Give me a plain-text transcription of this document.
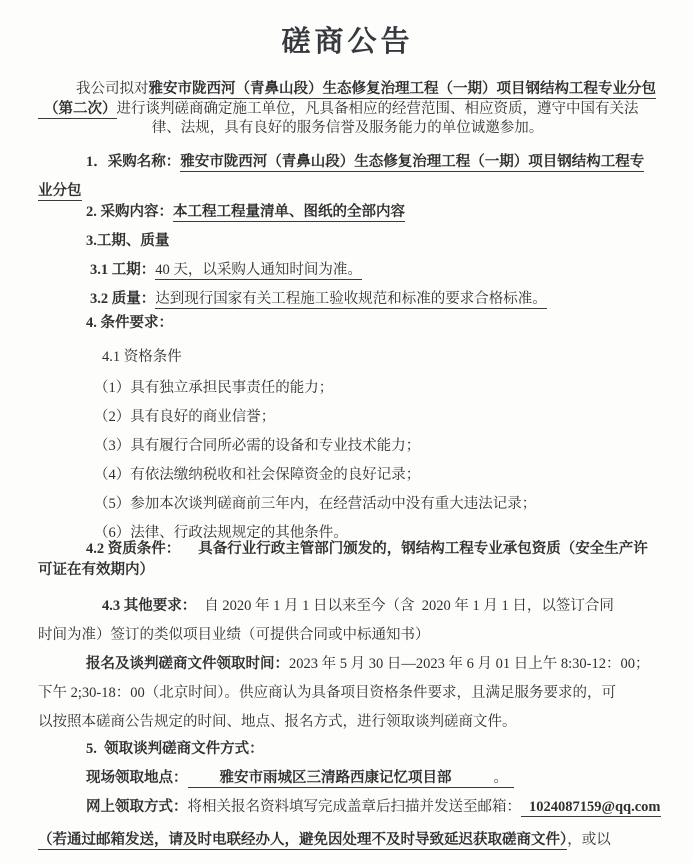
磋商公告

我公司拟对雅安市陇西河（青鼻山段）生态修复治理工程（一期）项目钢结构工程专业分包

（第二次）进行谈判磋商确定施工单位，凡具备相应的经营范围、相应资质，遵守中国有关法

律、法规，具有良好的服务信誉及服务能力的单位诚邀参加。

1．采购名称：雅安市陇西河（青鼻山段）生态修复治理工程（一期）项目钢结构工程专

业分包

2. 采购内容：本工程工程量清单、图纸的全部内容

3.工期、质量

3.1 工期：40 天，以采购人通知时间为准。

3.2 质量：达到现行国家有关工程施工验收规范和标准的要求合格标准。

4. 条件要求：

4.1 资格条件

（1）具有独立承担民事责任的能力；

（2）具有良好的商业信誉；

（3）具有履行合同所必需的设备和专业技术能力；

（4）有依法缴纳税收和社会保障资金的良好记录；

（5）参加本次谈判磋商前三年内，在经营活动中没有重大违法记录；

（6）法律、行政法规规定的其他条件。

4.2 资质条件： 具备行业行政主管部门颁发的，钢结构工程专业承包资质（安全生产许

可证在有效期内）

4.3 其他要求： 自 2020 年 1 月 1 日以来至今（含  2020 年 1 月 1 日，以签订合同

时间为准）签订的类似项目业绩（可提供合同或中标通知书）

报名及谈判磋商文件领取时间：2023 年 5 月 30 日—2023 年 6 月 01 日上午 8:30-12：00；

下午 2;30-18：00（北京时间）。供应商认为具备项目资格条件要求，且满足服务要求的，可

以按照本磋商公告规定的时间、地点、报名方式，进行领取谈判磋商文件。

5.  领取谈判磋商文件方式：

现场领取地点： 雅安市雨城区三清路西康记忆项目部	。

网上领取方式：将相关报名资料填写完成盖章后扫描并发送至邮箱： 1024087159@qq.com

（若通过邮箱发送，请及时电联经办人，避免因处理不及时导致延迟获取磋商文件），或以
